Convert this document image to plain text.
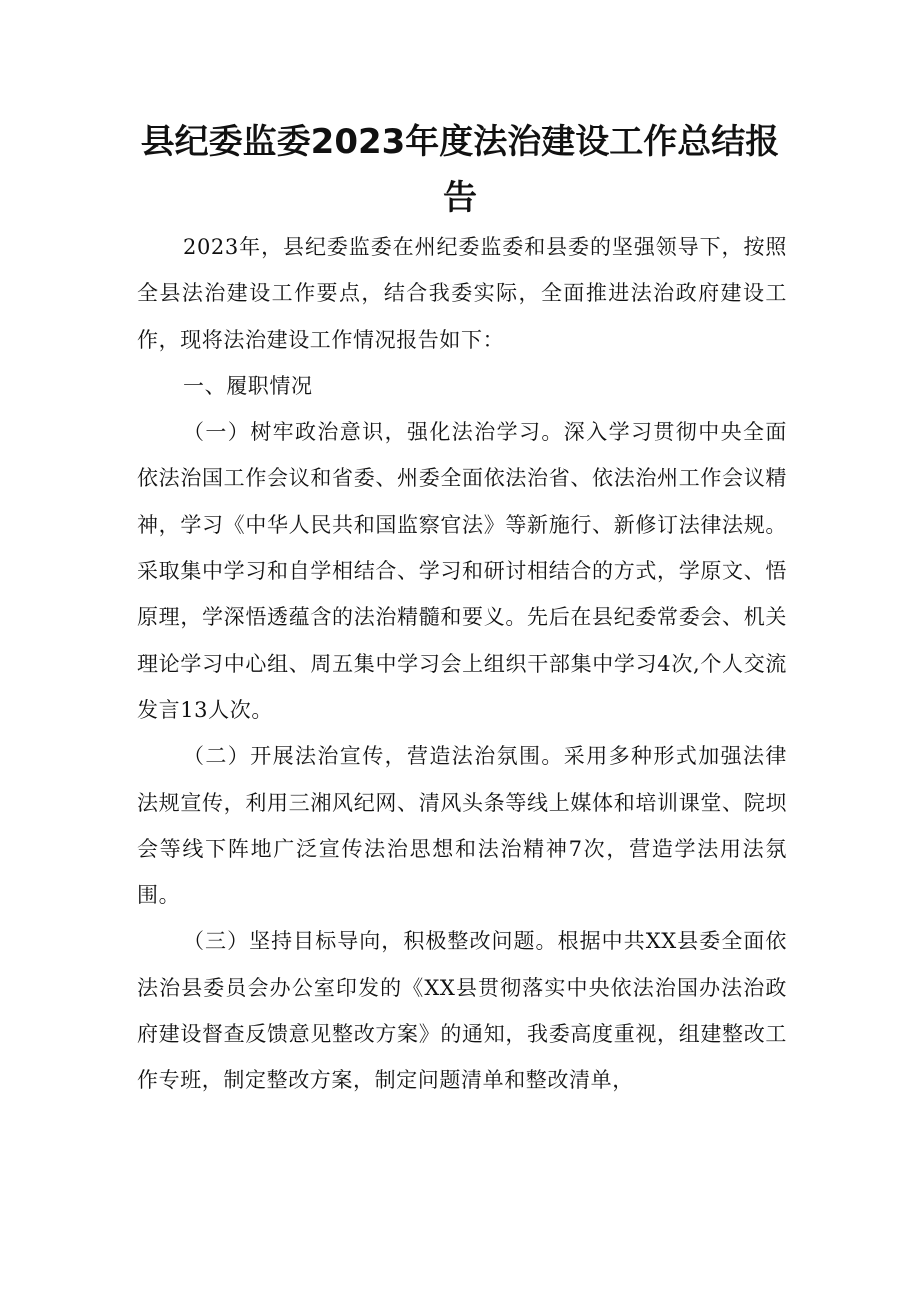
县纪委监委2023年度法治建设工作总结报
告

2023年，县纪委监委在州纪委监委和县委的坚强领导下，按照全县法治建设工作要点，结合我委实际，全面推进法治政府建设工作，现将法治建设工作情况报告如下：

一、履职情况

（一）树牢政治意识，强化法治学习。深入学习贯彻中央全面依法治国工作会议和省委、州委全面依法治省、依法治州工作会议精神，学习《中华人民共和国监察官法》等新施行、新修订法律法规。采取集中学习和自学相结合、学习和研讨相结合的方式，学原文、悟原理，学深悟透蕴含的法治精髓和要义。先后在县纪委常委会、机关理论学习中心组、周五集中学习会上组织干部集中学习4次,个人交流发言13人次。

（二）开展法治宣传，营造法治氛围。采用多种形式加强法律法规宣传，利用三湘风纪网、清风头条等线上媒体和培训课堂、院坝会等线下阵地广泛宣传法治思想和法治精神7次，营造学法用法氛围。

（三）坚持目标导向，积极整改问题。根据中共XX县委全面依法治县委员会办公室印发的《XX县贯彻落实中央依法治国办法治政府建设督查反馈意见整改方案》的通知，我委高度重视，组建整改工作专班，制定整改方案，制定问题清单和整改清单，
